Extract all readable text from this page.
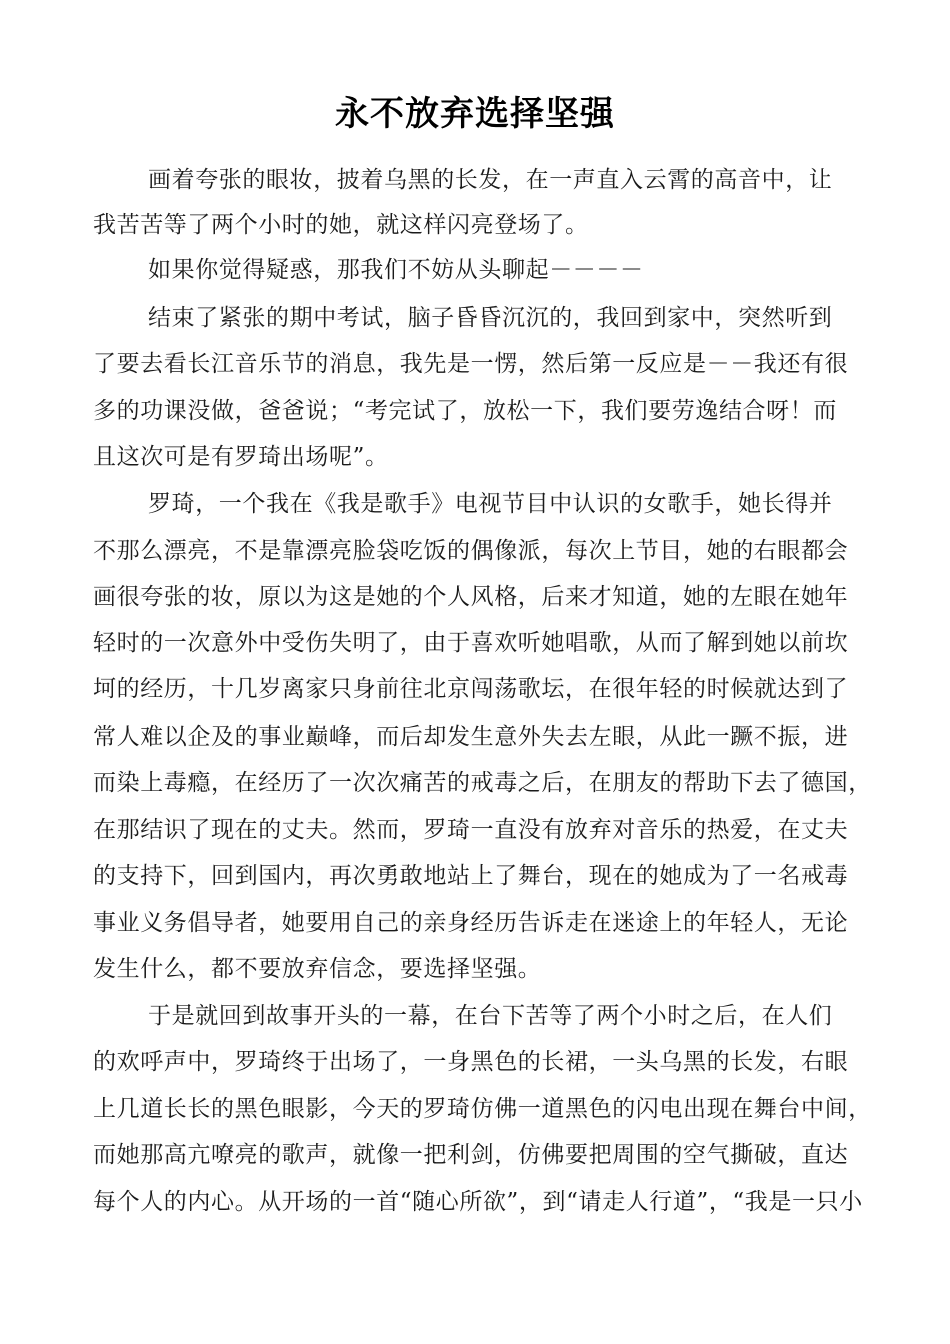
永不放弃选择坚强
画着夸张的眼妆，披着乌黑的长发，在一声直入云霄的高音中，让
我苦苦等了两个小时的她，就这样闪亮登场了。
如果你觉得疑惑，那我们不妨从头聊起－－－－
结束了紧张的期中考试，脑子昏昏沉沉的，我回到家中，突然听到
了要去看长江音乐节的消息，我先是一愣，然后第一反应是－－我还有很
多的功课没做，爸爸说；“考完试了，放松一下，我们要劳逸结合呀！而
且这次可是有罗琦出场呢”。
罗琦，一个我在《我是歌手》电视节目中认识的女歌手，她长得并
不那么漂亮，不是靠漂亮脸袋吃饭的偶像派，每次上节目，她的右眼都会
画很夸张的妆，原以为这是她的个人风格，后来才知道，她的左眼在她年
轻时的一次意外中受伤失明了，由于喜欢听她唱歌，从而了解到她以前坎
坷的经历，十几岁离家只身前往北京闯荡歌坛，在很年轻的时候就达到了
常人难以企及的事业巅峰，而后却发生意外失去左眼，从此一蹶不振，进
而染上毒瘾，在经历了一次次痛苦的戒毒之后，在朋友的帮助下去了德国，
在那结识了现在的丈夫。然而，罗琦一直没有放弃对音乐的热爱，在丈夫
的支持下，回到国内，再次勇敢地站上了舞台，现在的她成为了一名戒毒
事业义务倡导者，她要用自己的亲身经历告诉走在迷途上的年轻人，无论
发生什么，都不要放弃信念，要选择坚强。
于是就回到故事开头的一幕，在台下苦等了两个小时之后，在人们
的欢呼声中，罗琦终于出场了，一身黑色的长裙，一头乌黑的长发，右眼
上几道长长的黑色眼影，今天的罗琦仿佛一道黑色的闪电出现在舞台中间，
而她那高亢嘹亮的歌声，就像一把利剑，仿佛要把周围的空气撕破，直达
每个人的内心。从开场的一首“随心所欲”，到“请走人行道”，“我是一只小
